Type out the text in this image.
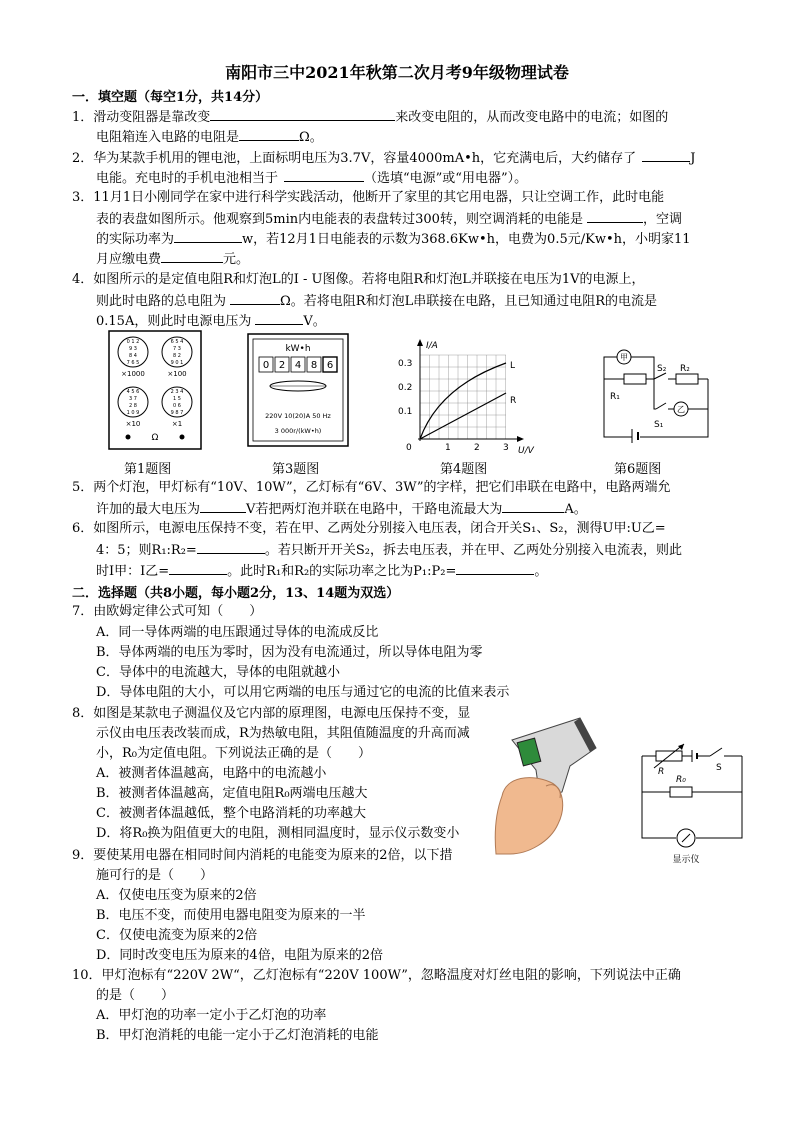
南阳市三中2021年秋第二次月考9年级物理试卷
一．填空题（每空1分，共14分）
1．滑动变阻器是靠改变	来改变电阻的，从而改变电路中的电流；如图的
电阻箱连入电路的电阻是	Ω。
2．华为某款手机用的锂电池，上面标明电压为3.7V，容量4000mA•h，它充满电后，大约储存了	J
电能。充电时的手机电池相当于	（选填“电源”或“用电器”）。
3．11月1日小刚同学在家中进行科学实践活动，他断开了家里的其它用电器，只让空调工作，此时电能
表的表盘如图所示。他观察到5min内电能表的表盘转过300转，则空调消耗的电能是	，空调
的实际功率为	w，若12月1日电能表的示数为368.6Kw•h，电费为0.5元/Kw•h，小明家11
月应缴电费	元。
4．如图所示的是定值电阻R和灯泡L的I - U图像。若将电阻R和灯泡L并联接在电压为1V的电源上，
则此时电路的总电阻为	Ω。若将电阻R和灯泡L串联接在电路，且已知通过电阻R的电流是
0.15A，则此时电源电压为	V。
0 1 2
9 3
8 4
7 6 5
6 5 4
7 3
8 2
9 0 1
4 5 6
3 7
2 8
1 0 9
2 3 4
1 5
0 6
9 8 7
×1000	×100
×10	×1
Ω
第1题图
kW•h
0 2 4 8 6
220V 10(20)A 50 Hz
3 000r/(kW•h)
第3题图
I/A
U/V
L
R
0.3
0.2
0.1
0	1	2	3
第4题图
甲
乙
S₂ R₂
R₁
S₁
第6题图
5．两个灯泡，甲灯标有“10V、10W”，乙灯标有“6V、3W”的字样，把它们串联在电路中，电路两端允
许加的最大电压为	V若把两灯泡并联在电路中，干路电流最大为	A。
6．如图所示，电源电压保持不变，若在甲、乙两处分别接入电压表，闭合开关S₁、S₂，测得U甲:U乙=
4：5；则R₁:R₂=	。若只断开开关S₂，拆去电压表，并在甲、乙两处分别接入电流表，则此
时I甲：I乙=	。此时R₁和R₂的实际功率之比为P₁:P₂=	。
二．选择题（共8小题，每小题2分，13、14题为双选）
7．由欧姆定律公式可知（　　）
A．同一导体两端的电压跟通过导体的电流成反比
B．导体两端的电压为零时，因为没有电流通过，所以导体电阻为零
C．导体中的电流越大，导体的电阻就越小
D．导体电阻的大小，可以用它两端的电压与通过它的电流的比值来表示
8．如图是某款电子测温仪及它内部的原理图，电源电压保持不变，显
示仪由电压表改装而成，R为热敏电阻，其阻值随温度的升高而减
小，R₀为定值电阻。下列说法正确的是（　　）
A．被测者体温越高，电路中的电流越小
B．被测者体温越高，定值电阻R₀两端电压越大
C．被测者体温越低，整个电路消耗的功率越大
D．将R₀换为阻值更大的电阻，测相同温度时，显示仪示数变小
R	S
R₀
显示仪
9．要使某用电器在相同时间内消耗的电能变为原来的2倍，以下措
施可行的是（　　）
A．仅使电压变为原来的2倍
B．电压不变，而使用电器电阻变为原来的一半
C．仅使电流变为原来的2倍
D．同时改变电压为原来的4倍，电阻为原来的2倍
10．甲灯泡标有“220V 2W“，乙灯泡标有“220V 100W”，忽略温度对灯丝电阻的影响，下列说法中正确
的是（　　）
A．甲灯泡的功率一定小于乙灯泡的功率
B．甲灯泡消耗的电能一定小于乙灯泡消耗的电能
